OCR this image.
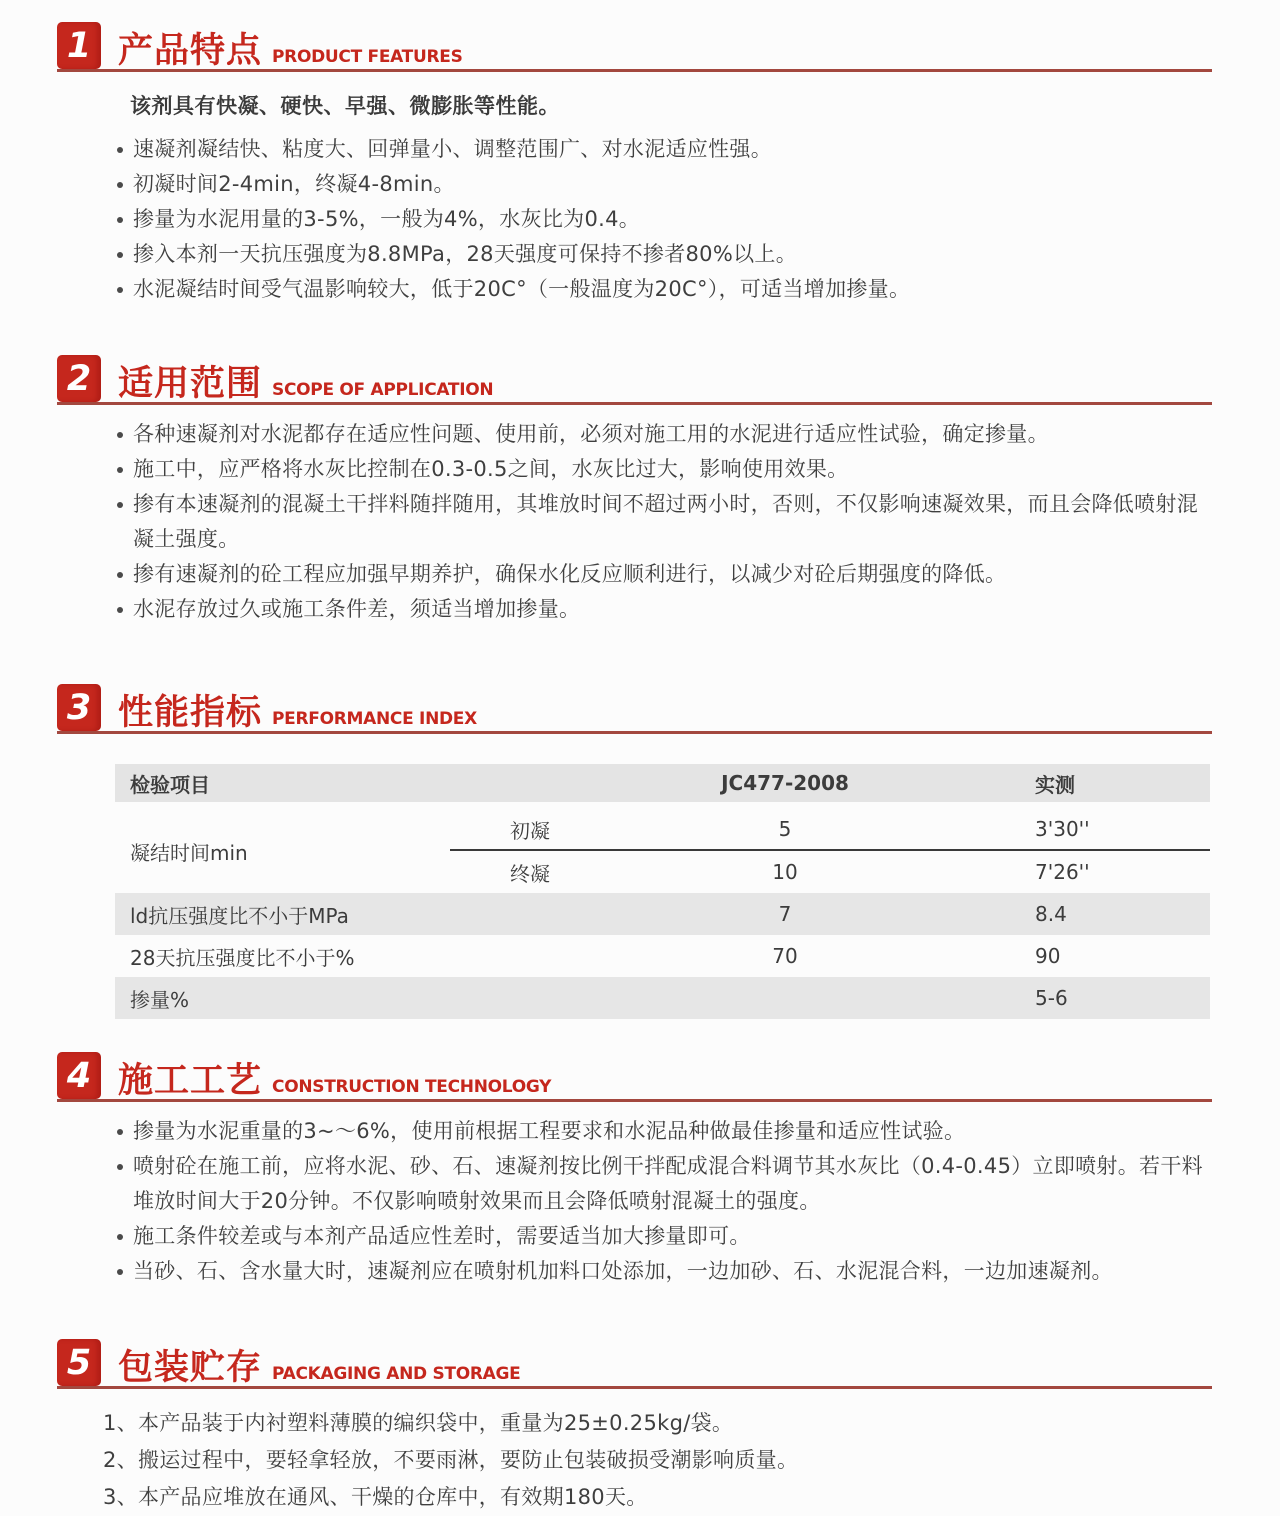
1 产品特点 PRODUCT FEATURES

该剂具有快凝、硬快、早强、微膨胀等性能。

速凝剂凝结快、粘度大、回弹量小、调整范围广、对水泥适应性强。
初凝时间2-4min，终凝4-8min。
掺量为水泥用量的3-5%，一般为4%，水灰比为0.4。
掺入本剂一天抗压强度为8.8MPa，28天强度可保持不掺者80%以上。
水泥凝结时间受气温影响较大，低于20C°（一般温度为20C°），可适当增加掺量。
2 适用范围 SCOPE OF APPLICATION
各种速凝剂对水泥都存在适应性问题、使用前，必须对施工用的水泥进行适应性试验，确定掺量。
施工中，应严格将水灰比控制在0.3-0.5之间，水灰比过大，影响使用效果。
掺有本速凝剂的混凝土干拌料随拌随用，其堆放时间不超过两小时，否则，不仅影响速凝效果，而且会降低喷射混凝土强度。
掺有速凝剂的砼工程应加强早期养护，确保水化反应顺利进行，以减少对砼后期强度的降低。
水泥存放过久或施工条件差，须适当增加掺量。
3 性能指标 PERFORMANCE INDEX
检验项目		JC477-2008	实测

凝结时间min	初凝	5	3'30''
	终凝	10	7'26''
ld抗压强度比不小于MPa		7	8.4
28天抗压强度比不小于%		70	90
掺量%			5-6
4 施工工艺 CONSTRUCTION TECHNOLOGY
掺量为水泥重量的3~～6%，使用前根据工程要求和水泥品种做最佳掺量和适应性试验。
喷射砼在施工前，应将水泥、砂、石、速凝剂按比例干拌配成混合料调节其水灰比（0.4-0.45）立即喷射。若干料堆放时间大于20分钟。不仅影响喷射效果而且会降低喷射混凝土的强度。
施工条件较差或与本剂产品适应性差时，需要适当加大掺量即可。
当砂、石、含水量大时，速凝剂应在喷射机加料口处添加，一边加砂、石、水泥混合料，一边加速凝剂。
5 包装贮存 PACKAGING AND STORAGE

1、本产品装于内衬塑料薄膜的编织袋中，重量为25±0.25kg/袋。

2、搬运过程中，要轻拿轻放，不要雨淋，要防止包装破损受潮影响质量。

3、本产品应堆放在通风、干燥的仓库中，有效期180天。
